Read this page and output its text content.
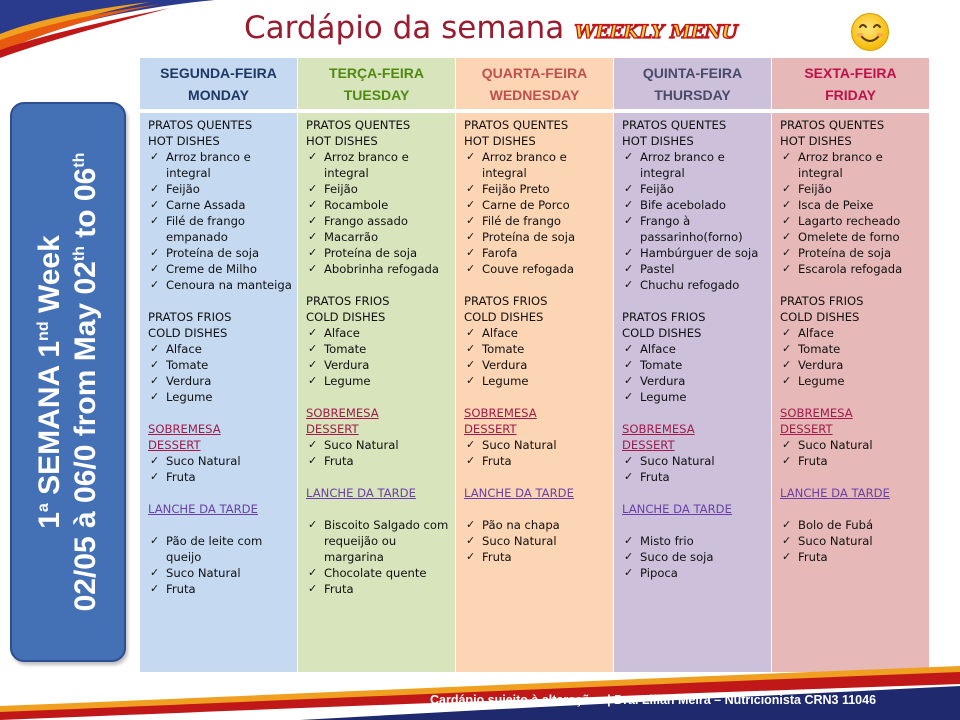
Cardápio da semana WEEKLY MENU
1$^a$ SEMANA 1nd Week 02/05 à 06/0 from May 02th to 06th
SEGUNDA-FEIRA
MONDAY
PRATOS QUENTES
HOT DISHES
✓ Arroz branco e integral
✓ Feijão
✓ Carne Assada
✓ Filé de frango empanado
✓ Proteína de soja
✓ Creme de Milho
✓ Cenoura na manteiga
PRATOS FRIOS
COLD DISHES
✓ Alface
✓ Tomate
✓ Verdura
✓ Legume
SOBREMESA
DESSERT
✓ Suco Natural
✓ Fruta
LANCHE DA TARDE
✓ Pão de leite com queijo
✓ Suco Natural
✓ Fruta
TERÇA-FEIRA
TUESDAY
PRATOS QUENTES
HOT DISHES
✓ Arroz branco e integral
✓ Feijão
✓ Rocambole
✓ Frango assado
✓ Macarrão
✓ Proteína de soja
✓ Abobrinha refogada
PRATOS FRIOS
COLD DISHES
✓ Alface
✓ Tomate
✓ Verdura
✓ Legume
SOBREMESA
DESSERT
✓ Suco Natural
✓ Fruta
LANCHE DA TARDE
✓ Biscoito Salgado com requeijão ou margarina
✓ Chocolate quente
✓ Fruta
QUARTA-FEIRA
WEDNESDAY
PRATOS QUENTES
HOT DISHES
✓ Arroz branco e integral
✓ Feijão Preto
✓ Carne de Porco
✓ Filé de frango
✓ Proteína de soja
✓ Farofa
✓ Couve refogada
PRATOS FRIOS
COLD DISHES
✓ Alface
✓ Tomate
✓ Verdura
✓ Legume
SOBREMESA
DESSERT
✓ Suco Natural
✓ Fruta
LANCHE DA TARDE
✓ Pão na chapa
✓ Suco Natural
✓ Fruta
QUINTA-FEIRA
THURSDAY
PRATOS QUENTES
HOT DISHES
✓ Arroz branco e integral
✓ Feijão
✓ Bife acebolado
✓ Frango à passarinho(forno)
✓ Hambúrguer de soja
✓ Pastel
✓ Chuchu refogado
PRATOS FRIOS
COLD DISHES
✓ Alface
✓ Tomate
✓ Verdura
✓ Legume
SOBREMESA
DESSERT
✓ Suco Natural
✓ Fruta
LANCHE DA TARDE
✓ Misto frio
✓ Suco de soja
✓ Pipoca
SEXTA-FEIRA
FRIDAY
PRATOS QUENTES
HOT DISHES
✓ Arroz branco e integral
✓ Feijão
✓ Isca de Peixe
✓ Lagarto recheado
✓ Omelete de forno
✓ Proteína de soja
✓ Escarola refogada
PRATOS FRIOS
COLD DISHES
✓ Alface
✓ Tomate
✓ Verdura
✓ Legume
SOBREMESA
DESSERT
✓ Suco Natural
✓ Fruta
LANCHE DA TARDE
✓ Bolo de Fubá
✓ Suco Natural
✓ Fruta
Cardápio sujeito à alterações | Dra. Lilian Meira – Nutricionista CRN3 11046
